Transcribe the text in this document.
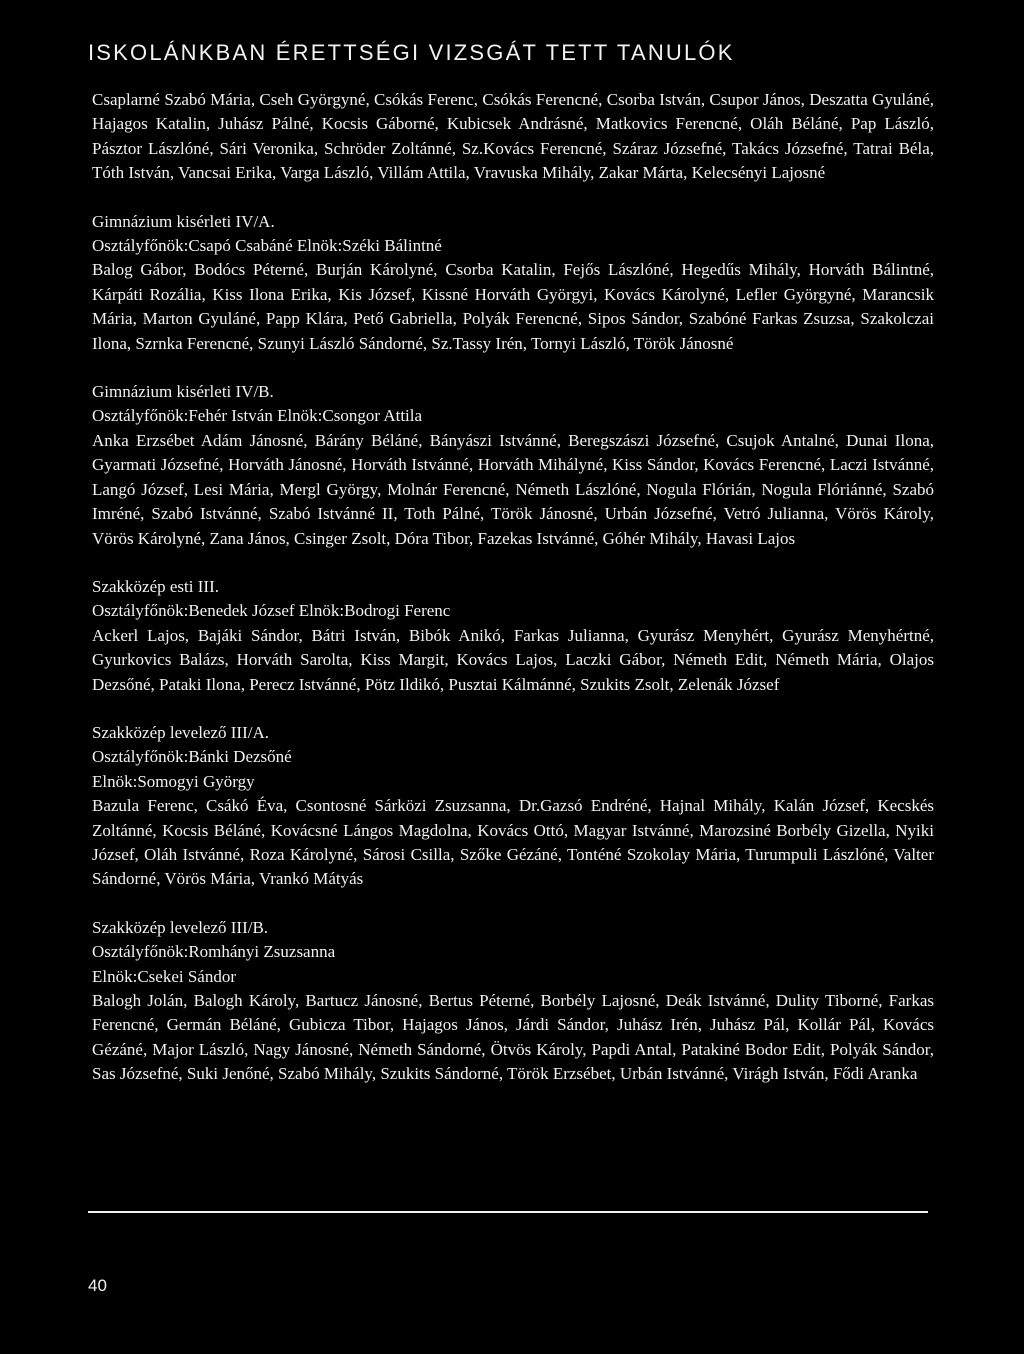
ISKOLÁNKBAN ÉRETTSÉGI VIZSGÁT TETT TANULÓK

Csaplarné Szabó Mária, Cseh Györgyné, Csókás Ferenc, Csókás Ferencné, Csorba István, Csupor János, Deszatta Gyuláné, Hajagos Katalin, Juhász Pálné, Kocsis Gáborné, Kubicsek Andrásné, Matkovics Ferencné, Oláh Béláné, Pap László, Pásztor Lászlóné, Sári Veronika, Schröder Zoltánné, Sz.Kovács Ferencné, Száraz Józsefné, Takács Józsefné, Tatrai Béla, Tóth István, Vancsai Erika, Varga László, Villám Attila, Vravuska Mihály, Zakar Márta, Kelecsényi Lajosné

Gimnázium kisérleti IV/A.

Osztályfőnök:Csapó Csabáné Elnök:Széki Bálintné

Balog Gábor, Bodócs Péterné, Burján Károlyné, Csorba Katalin, Fejős Lászlóné, Hegedűs Mihály, Horváth Bálintné, Kárpáti Rozália, Kiss Ilona Erika, Kis József, Kissné Horváth Györgyi, Kovács Károlyné, Lefler Györgyné, Marancsik Mária, Marton Gyuláné, Papp Klára, Pető Gabriella, Polyák Ferencné, Sipos Sándor, Szabóné Farkas Zsuzsa, Szakolczai Ilona, Szrnka Ferencné, Szunyi László Sándorné, Sz.Tassy Irén, Tornyi László, Török Jánosné

Gimnázium kisérleti IV/B.

Osztályfőnök:Fehér István Elnök:Csongor Attila

Anka Erzsébet Adám Jánosné, Bárány Béláné, Bányászi Istvánné, Beregszászi Józsefné, Csujok Antalné, Dunai Ilona, Gyarmati Józsefné, Horváth Jánosné, Horváth Istvánné, Horváth Mihályné, Kiss Sándor, Kovács Ferencné, Laczi Istvánné, Langó József, Lesi Mária, Mergl György, Molnár Ferencné, Németh Lászlóné, Nogula Flórián, Nogula Flóriánné, Szabó Imréné, Szabó Istvánné, Szabó Istvánné II, Toth Pálné, Török Jánosné, Urbán Józsefné, Vetró Julianna, Vörös Károly, Vörös Károlyné, Zana János, Csinger Zsolt, Dóra Tibor, Fazekas Istvánné, Góhér Mihály, Havasi Lajos

Szakközép esti III.

Osztályfőnök:Benedek József Elnök:Bodrogi Ferenc

Ackerl Lajos, Bajáki Sándor, Bátri István, Bibók Anikó, Farkas Julianna, Gyurász Menyhért, Gyurász Menyhértné, Gyurkovics Balázs, Horváth Sarolta, Kiss Margit, Kovács Lajos, Laczki Gábor, Németh Edit, Németh Mária, Olajos Dezsőné, Pataki Ilona, Perecz Istvánné, Pötz Ildikó, Pusztai Kálmánné, Szukits Zsolt, Zelenák József

Szakközép levelező III/A.

Osztályfőnök:Bánki Dezsőné

Elnök:Somogyi György

Bazula Ferenc, Csákó Éva, Csontosné Sárközi Zsuzsanna, Dr.Gazsó Endréné, Hajnal Mihály, Kalán József, Kecskés Zoltánné, Kocsis Béláné, Kovácsné Lángos Magdolna, Kovács Ottó, Magyar Istvánné, Marozsiné Borbély Gizella, Nyiki József, Oláh Istvánné, Roza Károlyné, Sárosi Csilla, Szőke Gézáné, Tonténé Szokolay Mária, Turumpuli Lászlóné, Valter Sándorné, Vörös Mária, Vrankó Mátyás

Szakközép levelező III/B.

Osztályfőnök:Romhányi Zsuzsanna

Elnök:Csekei Sándor

Balogh Jolán, Balogh Károly, Bartucz Jánosné, Bertus Péterné, Borbély Lajosné, Deák Istvánné, Dulity Tiborné, Farkas Ferencné, Germán Béláné, Gubicza Tibor, Hajagos János, Járdi Sándor, Juhász Irén, Juhász Pál, Kollár Pál, Kovács Gézáné, Major László, Nagy Jánosné, Németh Sándorné, Ötvös Károly, Papdi Antal, Patakiné Bodor Edit, Polyák Sándor, Sas Józsefné, Suki Jenőné, Szabó Mihály, Szukits Sándorné, Török Erzsébet, Urbán Istvánné, Virágh István, Fődi Aranka

40
